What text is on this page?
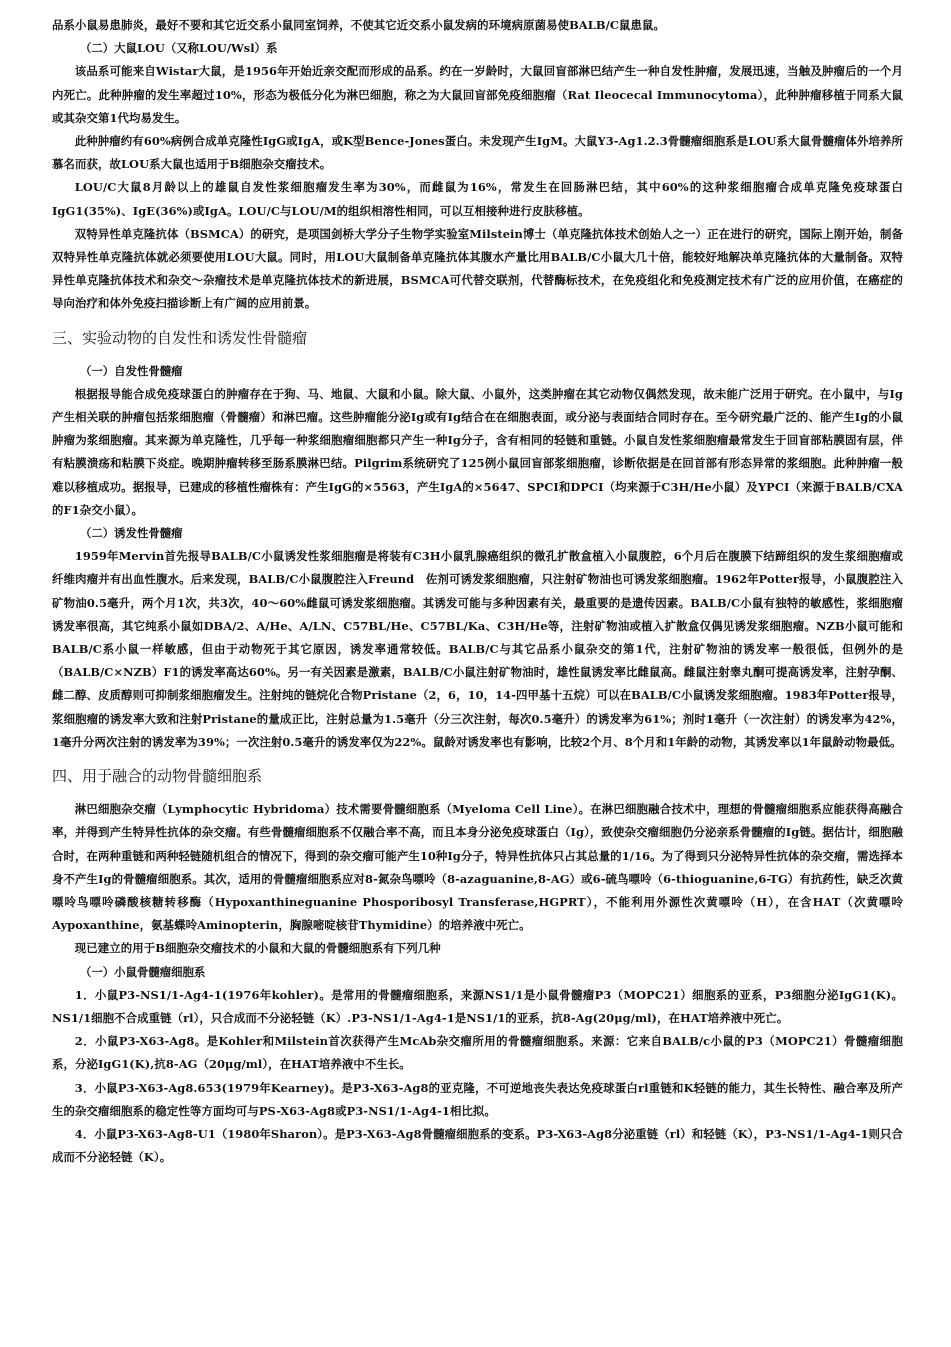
品系小鼠易患肺炎，最好不要和其它近交系小鼠同室饲养，不使其它近交系小鼠发病的环境病原菌易使BALB/C鼠患鼠。

（二）大鼠LOU（又称LOU/Wsl）系

该品系可能来自Wistar大鼠，是1956年开始近亲交配而形成的品系。约在一岁龄时，大鼠回盲部淋巴结产生一种自发性肿瘤，发展迅速，当触及肿瘤后的一个月内死亡。此种肿瘤的发生率超过10%，形态为极低分化为淋巴细胞，称之为大鼠回盲部免疫细胞瘤（Rat Ileocecal Immunocytoma），此种肿瘤移植于同系大鼠或其杂交第1代均易发生。

此种肿瘤约有60%病例合成单克隆性IgG或IgA，或K型Bence-Jones蛋白。未发现产生IgM。大鼠Y3-Ag1.2.3骨髓瘤细胞系是LOU系大鼠骨髓瘤体外培养所慕名而获，故LOU系大鼠也适用于B细胞杂交瘤技术。

LOU/C大鼠8月龄以上的雄鼠自发性浆细胞瘤发生率为30%，而雌鼠为16%，常发生在回肠淋巴结，其中60%的这种浆细胞瘤合成单克隆免疫球蛋白IgG1(35%)、IgE(36%)或IgA。LOU/C与LOU/M的组织相溶性相同，可以互相接种进行皮肤移植。

双特异性单克隆抗体（BSMCA）的研究，是项国剑桥大学分子生物学实验室Milstein博士（单克隆抗体技术创始人之一）正在进行的研究，国际上刚开始，制备双特异性单克隆抗体就必须要使用LOU大鼠。同时，用LOU大鼠制备单克隆抗体其腹水产量比用BALB/C小鼠大几十倍，能较好地解决单克隆抗体的大量制备。双特异性单克隆抗体技术和杂交～杂瘤技术是单克隆抗体技术的新进展，BSMCA可代替交联剂，代替酶标技术，在免疫组化和免疫测定技术有广泛的应用价值，在癌症的导向治疗和体外免疫扫描诊断上有广阔的应用前景。

三、实验动物的自发性和诱发性骨髓瘤
（一）自发性骨髓瘤

根据报导能合成免疫球蛋白的肿瘤存在于狗、马、地鼠、大鼠和小鼠。除大鼠、小鼠外，这类肿瘤在其它动物仅偶然发现，故未能广泛用于研究。在小鼠中，与Ig产生相关联的肿瘤包括浆细胞瘤（骨髓瘤）和淋巴瘤。这些肿瘤能分泌Ig或有Ig结合在在细胞表面，或分泌与表面结合同时存在。至今研究最广泛的、能产生Ig的小鼠肿瘤为浆细胞瘤。其来源为单克隆性，几乎每一种浆细胞瘤细胞都只产生一种Ig分子，含有相同的轻链和重链。小鼠自发性浆细胞瘤最常发生于回盲部粘膜固有层，伴有粘膜溃疡和粘膜下炎症。晚期肿瘤转移至肠系膜淋巴结。Pilgrim系统研究了125例小鼠回盲部浆细胞瘤，诊断依据是在回首部有形态异常的浆细胞。此种肿瘤一般难以移植成功。据报导，已建成的移植性瘤株有：产生IgG的×5563，产生IgA的×5647、SPCI和DPCI（均来源于C3H/He小鼠）及YPCI（来源于BALB/CXA的F1杂交小鼠）。

（二）诱发性骨髓瘤

1959年Mervin首先报导BALB/C小鼠诱发性浆细胞瘤是将装有C3H小鼠乳腺癌组织的微孔扩散盒植入小鼠腹腔，6个月后在腹膜下结蹄组织的发生浆细胞瘤或纤维肉瘤并有出血性腹水。后来发现，BALB/C小鼠腹腔注入Freund　佐剂可诱发浆细胞瘤，只注射矿物油也可诱发浆细胞瘤。1962年Potter报导，小鼠腹腔注入矿物油0.5毫升，两个月1次，共3次，40～60%雌鼠可诱发浆细胞瘤。其诱发可能与多种因素有关，最重要的是遗传因素。BALB/C小鼠有独特的敏感性，浆细胞瘤诱发率很高，其它纯系小鼠如DBA/2、A/He、A/LN、C57BL/He、C57BL/Ka、C3H/He等，注射矿物油或植入扩散盒仅偶见诱发浆细胞瘤。NZB小鼠可能和BALB/C系小鼠一样敏感，但由于动物死于其它原因，诱发率通常较低。BALB/C与其它品系小鼠杂交的第1代，注射矿物油的诱发率一般很低，但例外的是（BALB/C×NZB）F1的诱发率高达60%。另一有关因素是激素，BALB/C小鼠注射矿物油时，雄性鼠诱发率比雌鼠高。雌鼠注射睾丸酮可提高诱发率，注射孕酮、雌二醇、皮质醇则可抑制浆细胞瘤发生。注射纯的链烷化合物Pristane（2，6，10，14-四甲基十五烷）可以在BALB/C小鼠诱发浆细胞瘤。1983年Potter报导，浆细胞瘤的诱发率大致和注射Pristane的量成正比，注射总量为1.5毫升（分三次注射，每次0.5毫升）的诱发率为61%；剂时1毫升（一次注射）的诱发率为42%，1毫升分两次注射的诱发率为39%；一次注射0.5毫升的诱发率仅为22%。鼠龄对诱发率也有影响，比较2个月、8个月和1年龄的动物，其诱发率以1年鼠龄动物最低。

四、用于融合的动物骨髓细胞系

淋巴细胞杂交瘤（Lymphocytic Hybridoma）技术需要骨髓细胞系（Myeloma Cell Line）。在淋巴细胞融合技术中，理想的骨髓瘤细胞系应能获得高融合率，并得到产生特异性抗体的杂交瘤。有些骨髓瘤细胞系不仅融合率不高，而且本身分泌免疫球蛋白（Ig），致使杂交瘤细胞仍分泌亲系骨髓瘤的Ig链。据估计，细胞融合时，在两种重链和两种轻链随机组合的情况下，得到的杂交瘤可能产生10种Ig分子，特异性抗体只占其总量的1/16。为了得到只分泌特异性抗体的杂交瘤，需选择本身不产生Ig的骨髓瘤细胞系。其次，适用的骨髓瘤细胞系应对8-氮杂鸟嘌呤（8-azaguanine,8-AG）或6-硫鸟嘌呤（6-thioguanine,6-TG）有抗药性，缺乏次黄嘌呤鸟嘌呤磷酸核糖转移酶（Hypoxanthineguanine Phosporibosyl Transferase,HGPRT），不能利用外源性次黄嘌呤（H），在含HAT（次黄嘌呤Aypoxanthine，氨基蝶呤Aminopterin，胸腺嘧啶核苷Thymidine）的培养液中死亡。

现已建立的用于B细胞杂交瘤技术的小鼠和大鼠的骨髓细胞系有下列几种

（一）小鼠骨髓瘤细胞系

1．小鼠P3-NS1/1-Ag4-1(1976年kohler)。是常用的骨髓瘤细胞系，来源NS1/1是小鼠骨髓瘤P3（MOPC21）细胞系的亚系，P3细胞分泌IgG1(K)。NS1/1细胞不合成重链（rl），只合成而不分泌轻链（K）.P3-NS1/1-Ag4-1是NS1/1的亚系，抗8-Ag(20μg/ml)，在HAT培养液中死亡。

2．小鼠P3-X63-Ag8。是Kohler和Milstein首次获得产生McAb杂交瘤所用的骨髓瘤细胞系。来源：它来自BALB/c小鼠的P3（MOPC21）骨髓瘤细胞系，分泌IgG1(K),抗8-AG（20μg/ml），在HAT培养液中不生长。

3．小鼠P3-X63-Ag8.653(1979年Kearney)。是P3-X63-Ag8的亚克隆，不可逆地丧失表达免疫球蛋白rl重链和K轻链的能力，其生长特性、融合率及所产生的杂交瘤细胞系的稳定性等方面均可与PS-X63-Ag8或P3-NS1/1-Ag4-1相比拟。

4．小鼠P3-X63-Ag8-U1（1980年Sharon）。是P3-X63-Ag8骨髓瘤细胞系的变系。P3-X63-Ag8分泌重链（rl）和轻链（K），P3-NS1/1-Ag4-1则只合成而不分泌轻链（K）。
